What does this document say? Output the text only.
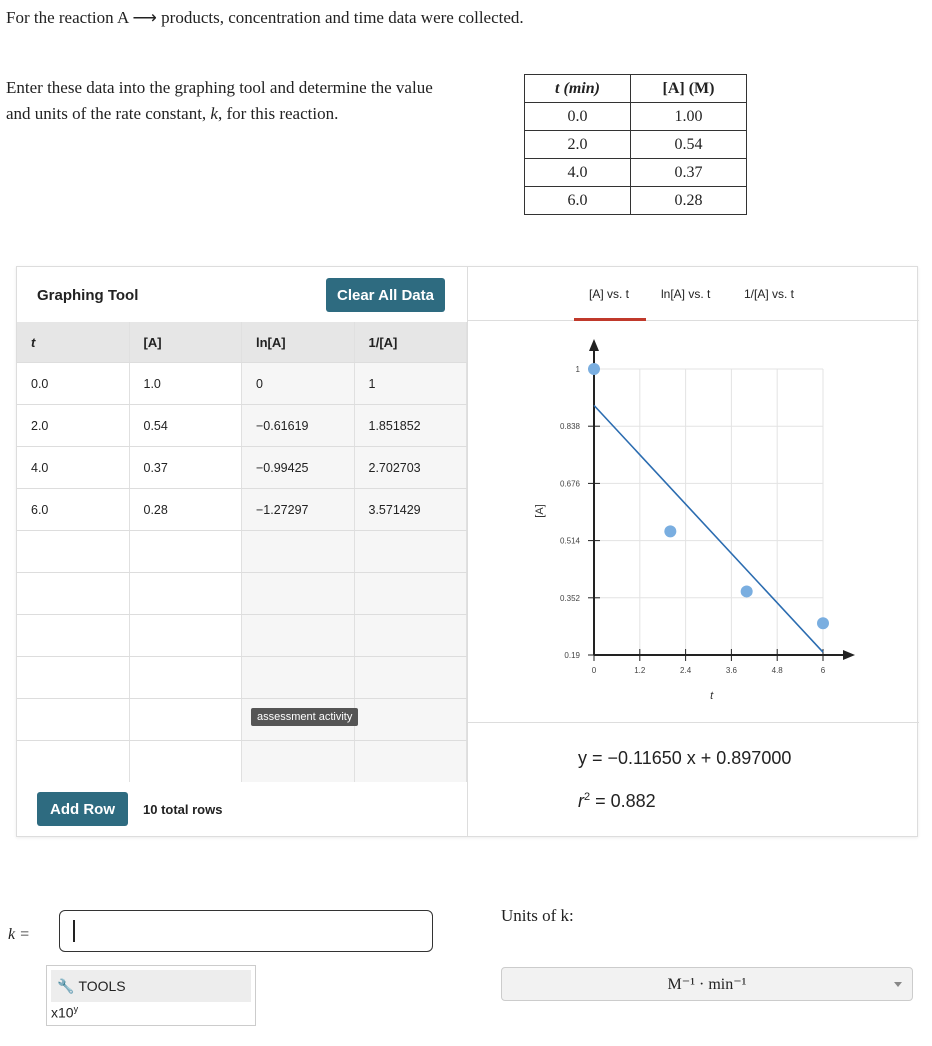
For the reaction A ⟶ products, concentration and time data were collected.
Enter these data into the graphing tool and determine the value and units of the rate constant, k, for this reaction.
t (min)	[A] (M)
0.0	1.00
2.0	0.54
4.0	0.37
6.0	0.28
Graphing Tool	Clear All Data
t	[A]	ln[A]	1/[A]
0.0	1.0	0	1
2.0	0.54	−0.61619	1.851852
4.0	0.37	−0.99425	2.702703
6.0	0.28	−1.27297	3.571429
assessment activity
Add Row	10 total rows
[A] vs. t	ln[A] vs. t	1/[A] vs. t
0	1.2	2.4	3.6	4.8	6
0.19
0.352
0.514
0.676
0.838
1
t
[A]
y = −0.11650 x + 0.897000
$r^2 = 0.882$
k =
🔧 TOOLS
x10$^y$
Units of k:
M⁻¹ · min⁻¹
